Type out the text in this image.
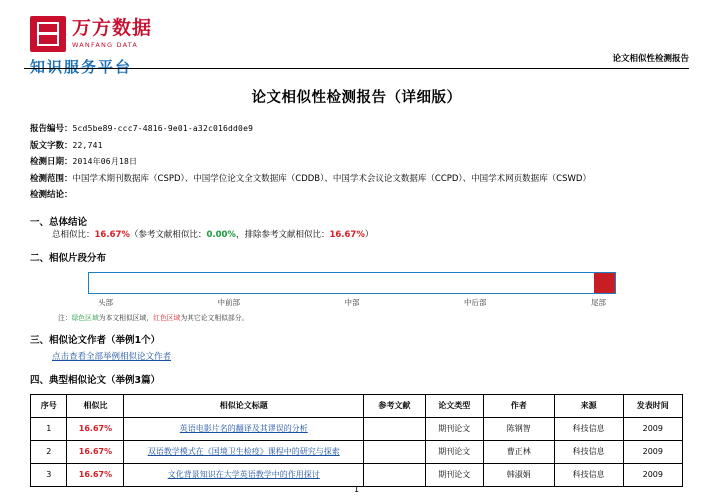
万方数据
WANFANG DATA
知识服务平台	论文相似性检测报告
论文相似性检测报告（详细版）
报告编号：5cd5be89-ccc7-4816-9e01-a32c016dd0e9
版文字数：22,741
检测日期：2014年06月18日
检测范围：中国学术期刊数据库（CSPD）、中国学位论文全文数据库（CDDB）、中国学术会议论文数据库（CCPD）、中国学术网页数据库（CSWD）
检测结论：
一、总体结论
总相似比：16.67%（参考文献相似比：0.00%，排除参考文献相似比：16.67%）
二、相似片段分布
头部	中前部	中部	中后部	尾部
注：绿色区域为本文相似区域，红色区域为其它论文相似部分。
三、相似论文作者（举例1个）
点击查看全部举例相似论文作者
四、典型相似论文（举例3篇）
序号	相似比	相似论文标题	参考文献	论文类型	作者	来源	发表时间
1	16.67%	英语电影片名的翻译及其谬误的分析		期刊论文	陈钢智	科技信息	2009
2	16.67%	双语教学模式在《国境卫生检疫》课程中的研究与探索		期刊论文	曹正林	科技信息	2009
3	16.67%	文化背景知识在大学英语教学中的作用探讨		期刊论文	韩淑娟	科技信息	2009
1
